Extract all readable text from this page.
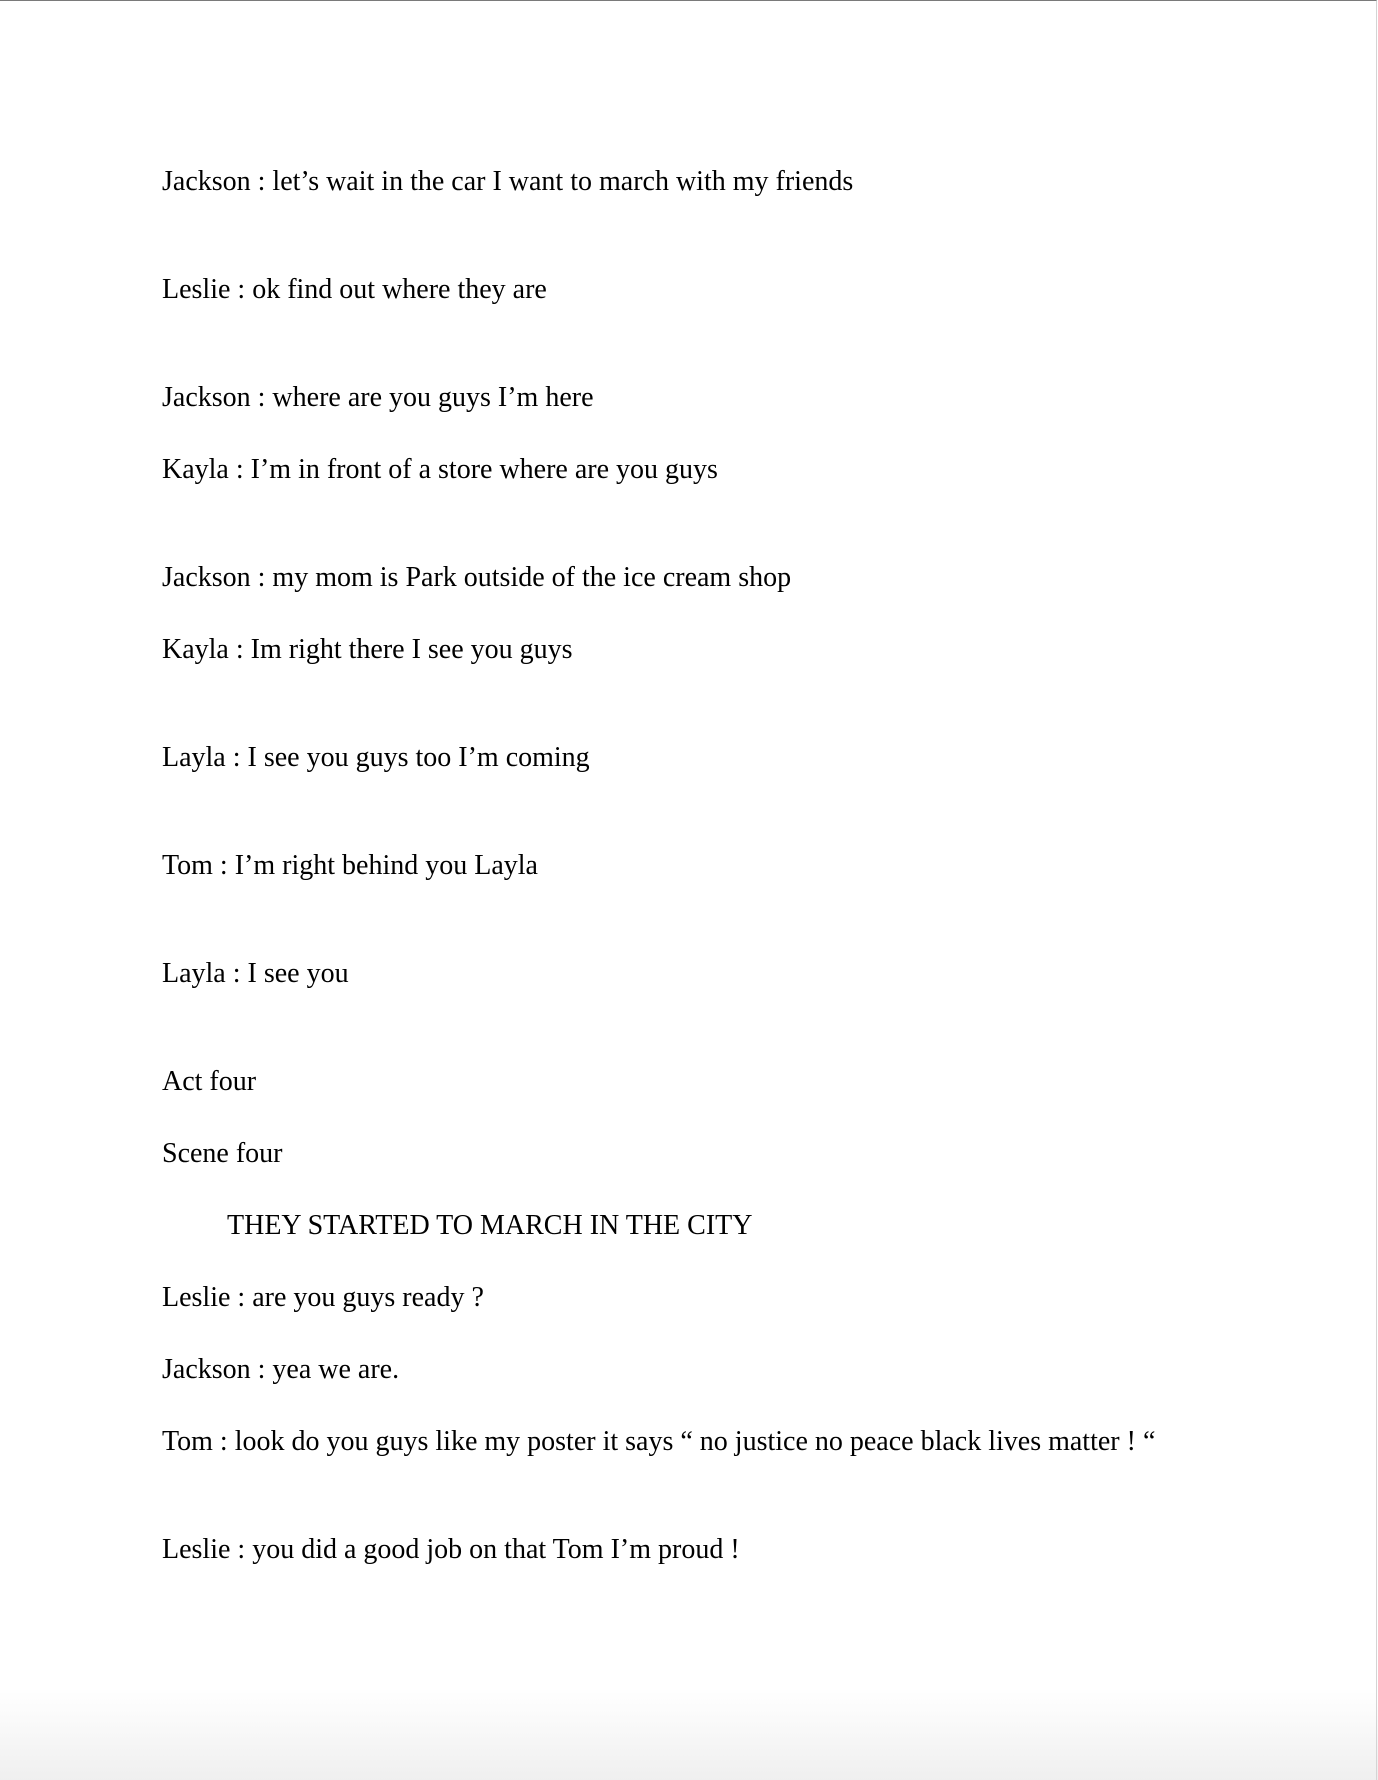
Jackson : let’s wait in the car I want to march with my friends

Leslie : ok find out where they are

Jackson : where are you guys I’m here

Kayla : I’m in front of a store where are you guys

Jackson : my mom is Park outside of the ice cream shop

Kayla : Im right there I see you guys

Layla : I see you guys too I’m coming

Tom : I’m right behind you Layla

Layla : I see you

Act four

Scene four

THEY STARTED TO MARCH IN THE CITY

Leslie : are you guys ready ?

Jackson : yea we are.

Tom : look do you guys like my poster it says “ no justice no peace black lives matter ! “

Leslie : you did a good job on that Tom I’m proud !
